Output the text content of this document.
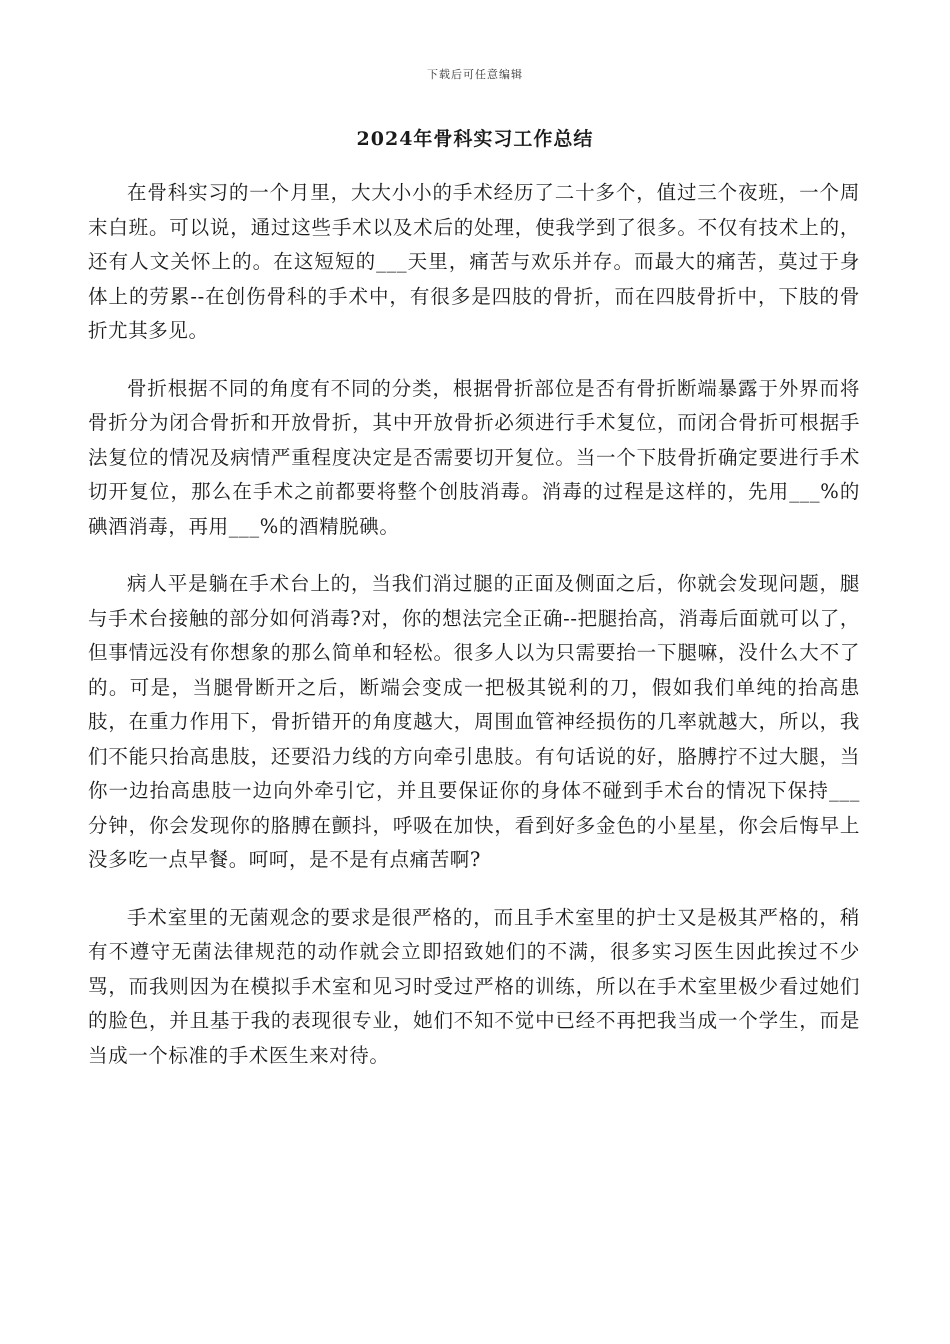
下载后可任意编辑
2024年骨科实习工作总结

在骨科实习的一个月里，大大小小的手术经历了二十多个，值过三个夜班，一个周末白班。可以说，通过这些手术以及术后的处理，使我学到了很多。不仅有技术上的，还有人文关怀上的。在这短短的___天里，痛苦与欢乐并存。而最大的痛苦，莫过于身体上的劳累--在创伤骨科的手术中，有很多是四肢的骨折，而在四肢骨折中，下肢的骨折尤其多见。

骨折根据不同的角度有不同的分类，根据骨折部位是否有骨折断端暴露于外界而将骨折分为闭合骨折和开放骨折，其中开放骨折必须进行手术复位，而闭合骨折可根据手法复位的情况及病情严重程度决定是否需要切开复位。当一个下肢骨折确定要进行手术切开复位，那么在手术之前都要将整个创肢消毒。消毒的过程是这样的，先用___%的碘酒消毒，再用___%的酒精脱碘。

病人平是躺在手术台上的，当我们消过腿的正面及侧面之后，你就会发现问题，腿与手术台接触的部分如何消毒?对，你的想法完全正确--把腿抬高，消毒后面就可以了，但事情远没有你想象的那么简单和轻松。很多人以为只需要抬一下腿嘛，没什么大不了的。可是，当腿骨断开之后，断端会变成一把极其锐利的刀，假如我们单纯的抬高患肢，在重力作用下，骨折错开的角度越大，周围血管神经损伤的几率就越大，所以，我们不能只抬高患肢，还要沿力线的方向牵引患肢。有句话说的好，胳膊拧不过大腿，当你一边抬高患肢一边向外牵引它，并且要保证你的身体不碰到手术台的情况下保持___分钟，你会发现你的胳膊在颤抖，呼吸在加快，看到好多金色的小星星，你会后悔早上没多吃一点早餐。呵呵，是不是有点痛苦啊?

手术室里的无菌观念的要求是很严格的，而且手术室里的护士又是极其严格的，稍有不遵守无菌法律规范的动作就会立即招致她们的不满，很多实习医生因此挨过不少骂，而我则因为在模拟手术室和见习时受过严格的训练，所以在手术室里极少看过她们的脸色，并且基于我的表现很专业，她们不知不觉中已经不再把我当成一个学生，而是当成一个标准的手术医生来对待。
